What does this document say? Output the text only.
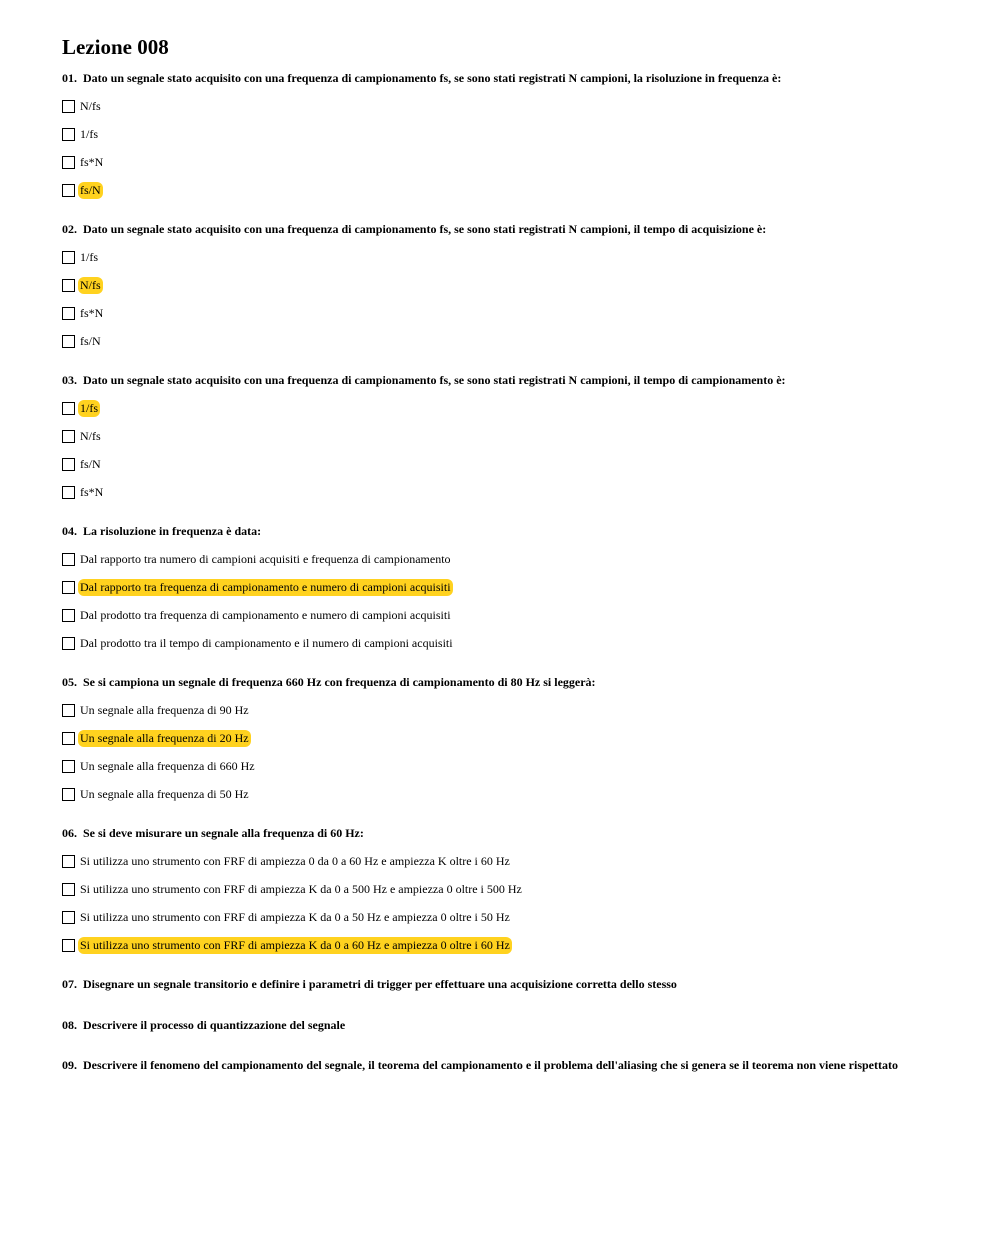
Lezione 008

01. Dato un segnale stato acquisito con una frequenza di campionamento fs, se sono stati registrati N campioni, la risoluzione in frequenza è:

N/fs
1/fs
fs*N
fs/N

02. Dato un segnale stato acquisito con una frequenza di campionamento fs, se sono stati registrati N campioni, il tempo di acquisizione è:

1/fs
N/fs
fs*N
fs/N

03. Dato un segnale stato acquisito con una frequenza di campionamento fs, se sono stati registrati N campioni, il tempo di campionamento è:

1/fs
N/fs
fs/N
fs*N

04. La risoluzione in frequenza è data:

Dal rapporto tra numero di campioni acquisiti e frequenza di campionamento
Dal rapporto tra frequenza di campionamento e numero di campioni acquisiti
Dal prodotto tra frequenza di campionamento e numero di campioni acquisiti
Dal prodotto tra il tempo di campionamento e il numero di campioni acquisiti

05. Se si campiona un segnale di frequenza 660 Hz con frequenza di campionamento di 80 Hz si leggerà:

Un segnale alla frequenza di 90 Hz
Un segnale alla frequenza di 20 Hz
Un segnale alla frequenza di 660 Hz
Un segnale alla frequenza di 50 Hz

06. Se si deve misurare un segnale alla frequenza di 60 Hz:

Si utilizza uno strumento con FRF di ampiezza 0 da 0 a 60 Hz e ampiezza K oltre i 60 Hz
Si utilizza uno strumento con FRF di ampiezza K da 0 a 500 Hz e ampiezza 0 oltre i 500 Hz
Si utilizza uno strumento con FRF di ampiezza K da 0 a 50 Hz e ampiezza 0 oltre i 50 Hz
Si utilizza uno strumento con FRF di ampiezza K da 0 a 60 Hz e ampiezza 0 oltre i 60 Hz

07. Disegnare un segnale transitorio e definire i parametri di trigger per effettuare una acquisizione corretta dello stesso

08. Descrivere il processo di quantizzazione del segnale

09. Descrivere il fenomeno del campionamento del segnale, il teorema del campionamento e il problema dell'aliasing che si genera se il teorema non viene rispettato
